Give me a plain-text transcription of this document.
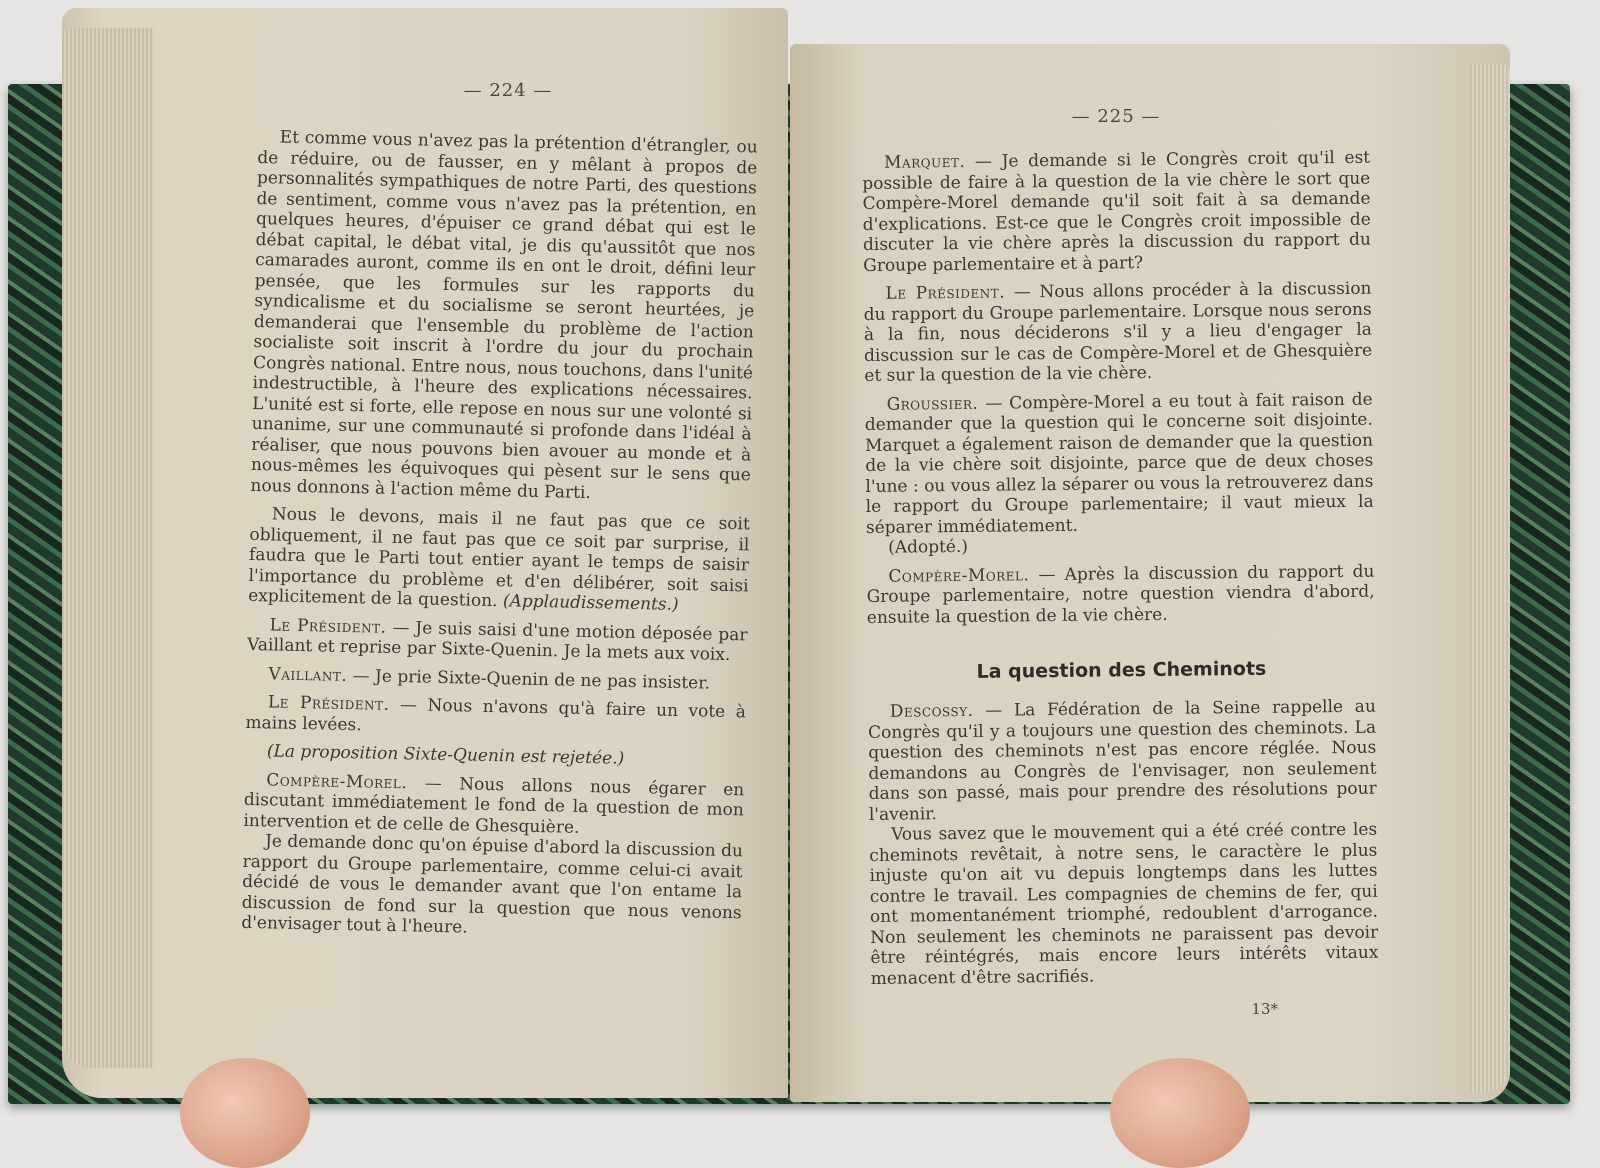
— 224 —

Et comme vous n'avez pas la prétention d'étrangler, ou de réduire, ou de fausser, en y mêlant à propos de personnalités sympathiques de notre Parti, des questions de sentiment, comme vous n'avez pas la prétention, en quelques heures, d'épuiser ce grand débat qui est le débat capital, le débat vital, je dis qu'aussitôt que nos camarades auront, comme ils en ont le droit, défini leur pensée, que les formules sur les rapports du syndicalisme et du socialisme se seront heurtées, je demanderai que l'ensemble du problème de l'action socialiste soit inscrit à l'ordre du jour du prochain Congrès national. Entre nous, nous touchons, dans l'unité indestructible, à l'heure des explications nécessaires. L'unité est si forte, elle repose en nous sur une volonté si unanime, sur une communauté si profonde dans l'idéal à réaliser, que nous pouvons bien avouer au monde et à nous-mêmes les équivoques qui pèsent sur le sens que nous donnons à l'action même du Parti.

Nous le devons, mais il ne faut pas que ce soit obliquement, il ne faut pas que ce soit par surprise, il faudra que le Parti tout entier ayant le temps de saisir l'importance du problème et d'en délibérer, soit saisi explicitement de la question. (Applaudissements.)

Le Président. — Je suis saisi d'une motion déposée par Vaillant et reprise par Sixte-Quenin. Je la mets aux voix.

Vaillant. — Je prie Sixte-Quenin de ne pas insister.

Le Président. — Nous n'avons qu'à faire un vote à mains levées.

(La proposition Sixte-Quenin est rejetée.)

Compère-Morel. — Nous allons nous égarer en discutant immédiatement le fond de la question de mon intervention et de celle de Ghesquière.

Je demande donc qu'on épuise d'abord la discussion du rapport du Groupe parlementaire, comme celui-ci avait décidé de vous le demander avant que l'on entame la discussion de fond sur la question que nous venons d'envisager tout à l'heure.

— 225 —

Marquet. — Je demande si le Congrès croit qu'il est possible de faire à la question de la vie chère le sort que Compère-Morel demande qu'il soit fait à sa demande d'explications. Est-ce que le Congrès croit impossible de discuter la vie chère après la discussion du rapport du Groupe parlementaire et à part?

Le Président. — Nous allons procéder à la discussion du rapport du Groupe parlementaire. Lorsque nous serons à la fin, nous déciderons s'il y a lieu d'engager la discussion sur le cas de Compère-Morel et de Ghesquière et sur la question de la vie chère.

Groussier. — Compère-Morel a eu tout à fait raison de demander que la question qui le concerne soit disjointe. Marquet a également raison de demander que la question de la vie chère soit disjointe, parce que de deux choses l'une : ou vous allez la séparer ou vous la retrouverez dans le rapport du Groupe parlementaire; il vaut mieux la séparer immédiatement.

(Adopté.)

Compère-Morel. — Après la discussion du rapport du Groupe parlementaire, notre question viendra d'abord, ensuite la question de la vie chère.

La question des Cheminots

Descossy. — La Fédération de la Seine rappelle au Congrès qu'il y a toujours une question des cheminots. La question des cheminots n'est pas encore réglée. Nous demandons au Congrès de l'envisager, non seulement dans son passé, mais pour prendre des résolutions pour l'avenir.

Vous savez que le mouvement qui a été créé contre les cheminots revêtait, à notre sens, le caractère le plus injuste qu'on ait vu depuis longtemps dans les luttes contre le travail. Les compagnies de chemins de fer, qui ont momentanément triomphé, redoublent d'arrogance. Non seulement les cheminots ne paraissent pas devoir être réintégrés, mais encore leurs intérêts vitaux menacent d'être sacrifiés.

13*
